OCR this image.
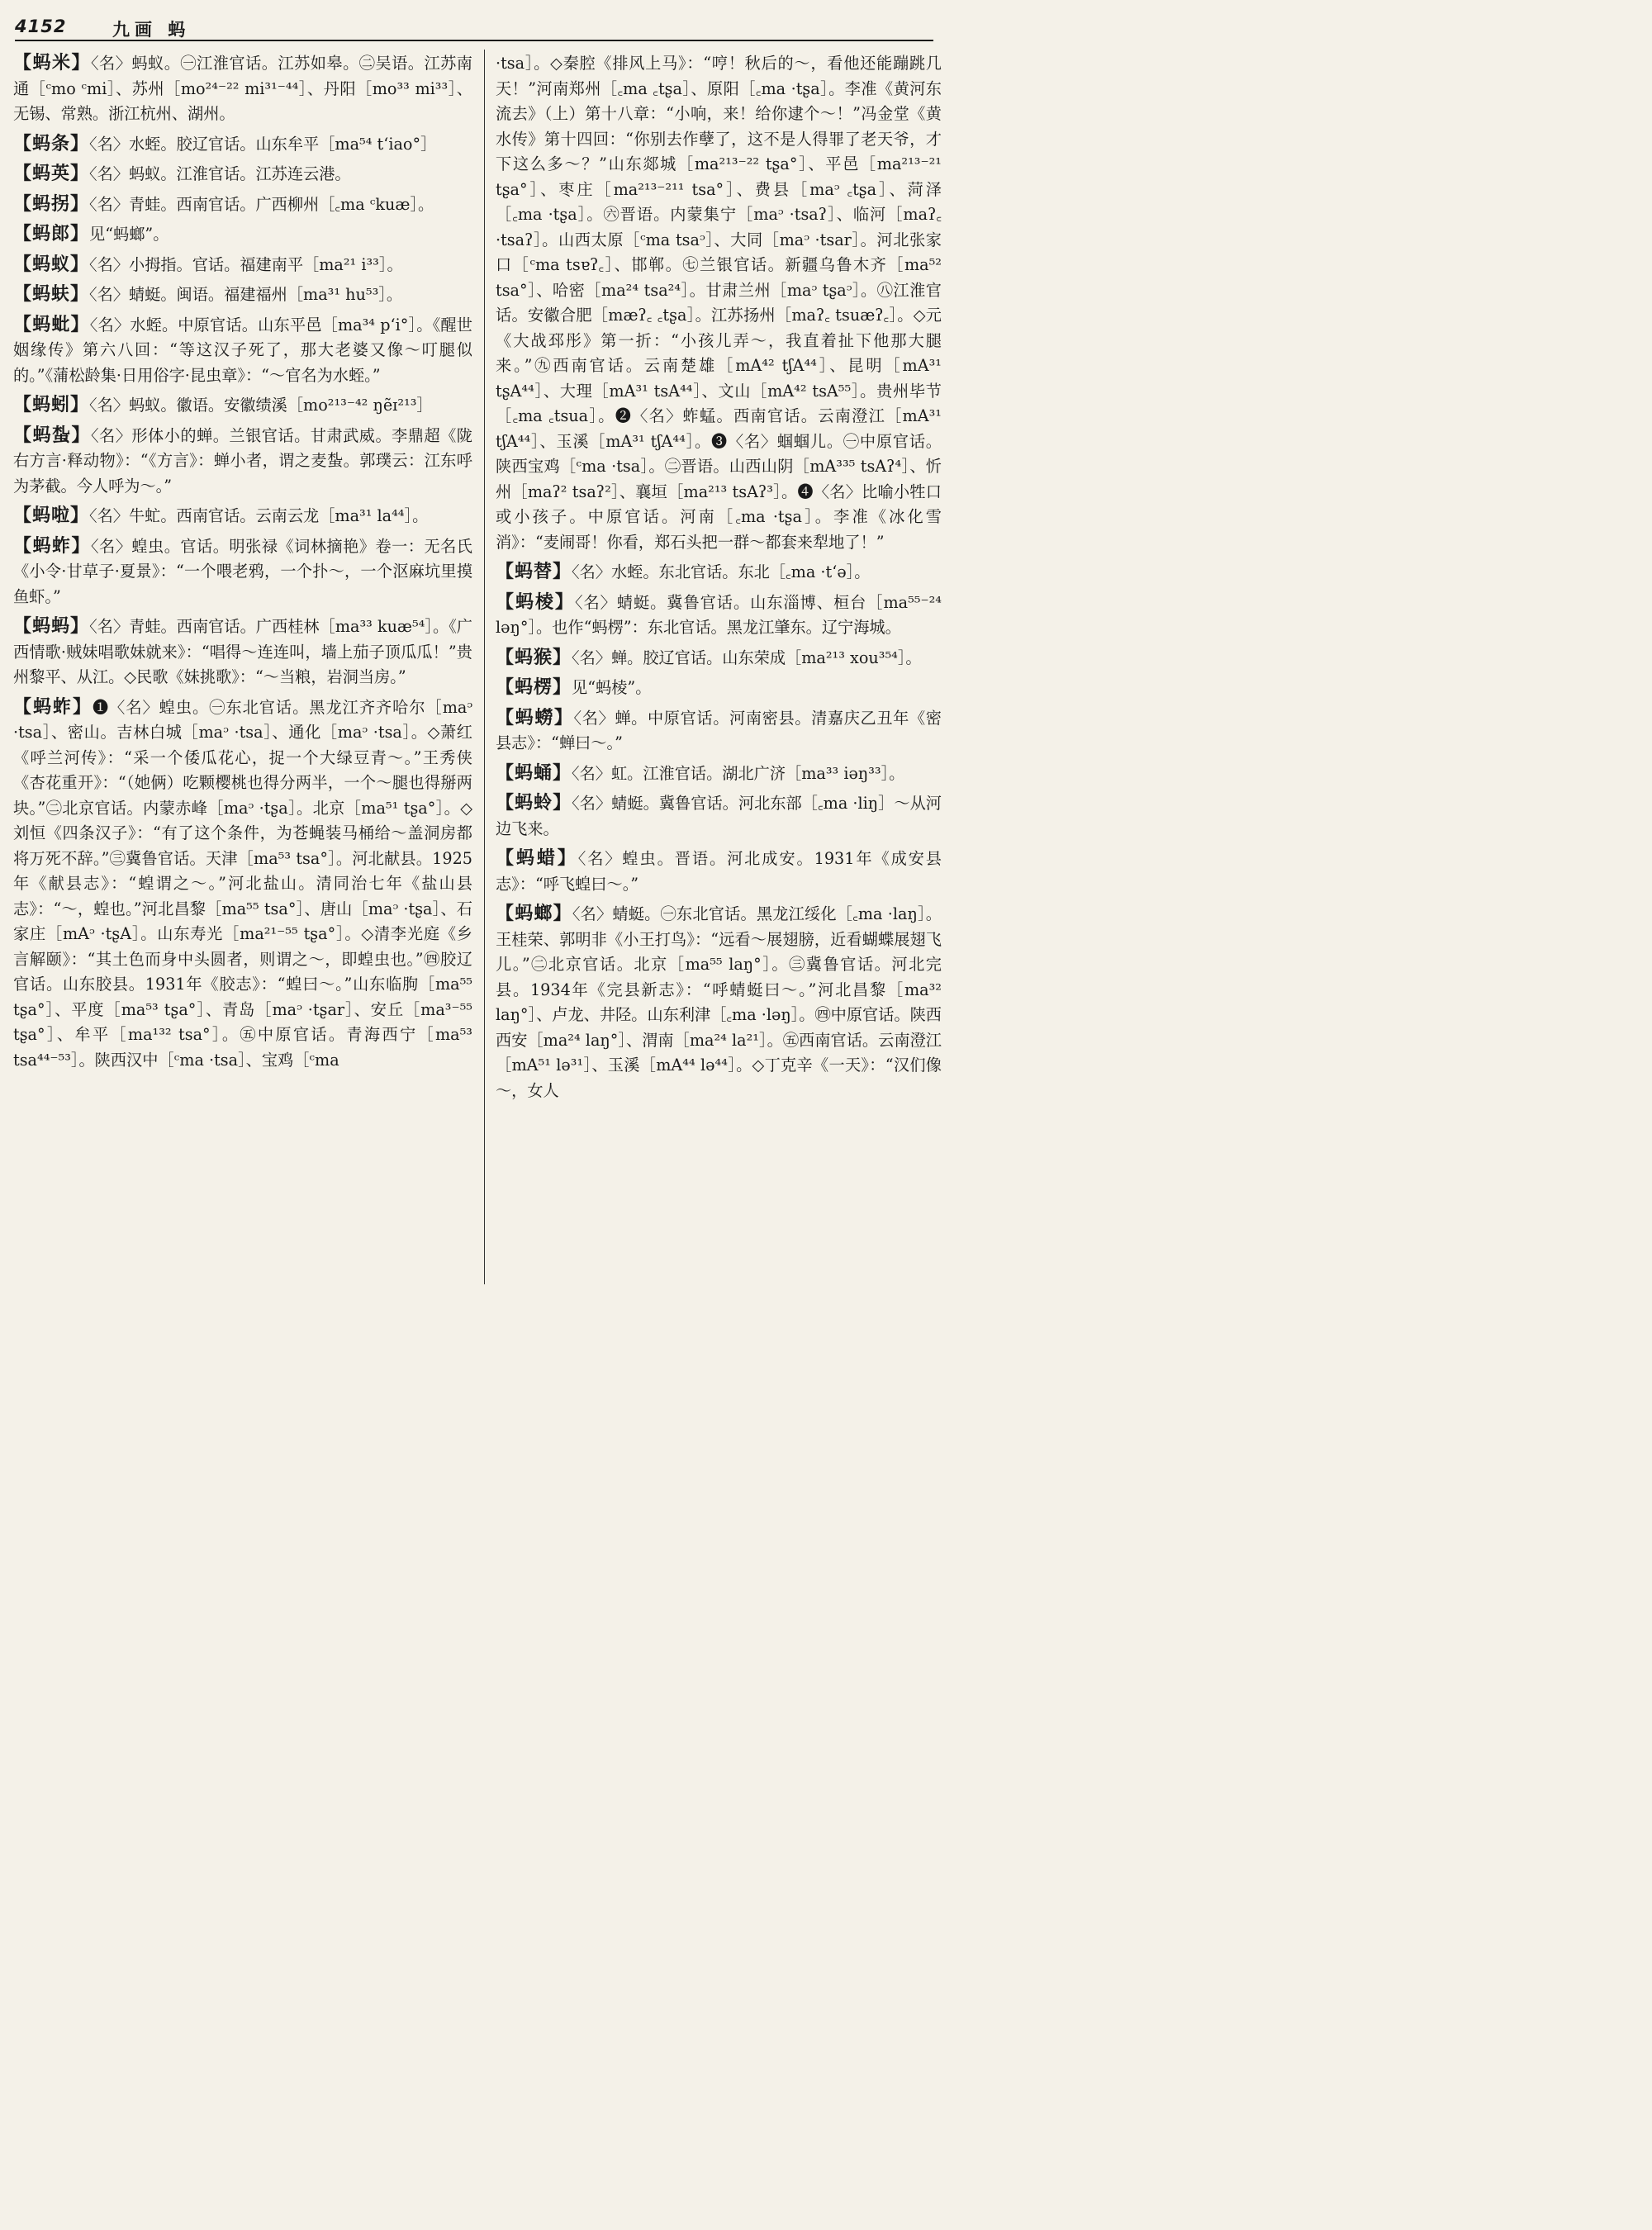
4152	九画 蚂

【蚂米】〈名〉蚂蚁。㊀江淮官话。江苏如皋。㊁吴语。江苏南通［ᶜmo ᶜmi］、苏州［mo²⁴⁻²² mi³¹⁻⁴⁴］、丹阳［mo³³ mi³³］、无锡、常熟。浙江杭州、湖州。

【蚂条】〈名〉水蛭。胶辽官话。山东牟平［ma⁵⁴ tʻiao°］

【蚂英】〈名〉蚂蚁。江淮官话。江苏连云港。

【蚂拐】〈名〉青蛙。西南官话。广西柳州［꜀ma ᶜkuæ］。

【蚂郎】见“蚂螂”。

【蚂蚁】〈名〉小拇指。官话。福建南平［ma²¹ i³³］。

【蚂蚨】〈名〉蜻蜓。闽语。福建福州［ma³¹ hu⁵³］。

【蚂蚍】〈名〉水蛭。中原官话。山东平邑［ma³⁴ pʻi°］。《醒世姻缘传》第六八回：“等这汉子死了，那大老婆又像～叮腿似的。”《蒲松龄集·日用俗字·昆虫章》：“～官名为水蛭。”

【蚂蚓】〈名〉蚂蚁。徽语。安徽绩溪［mo²¹³⁻⁴² ŋẽɪ²¹³］

【蚂蚻】〈名〉形体小的蝉。兰银官话。甘肃武威。李鼎超《陇右方言·释动物》：“《方言》：蝉小者，谓之麦蚻。郭璞云：江东呼为茅截。今人呼为～。”

【蚂啦】〈名〉牛虻。西南官话。云南云龙［ma³¹ la⁴⁴］。

【蚂蚱】〈名〉蝗虫。官话。明张禄《词林摘艳》卷一：无名氏《小令·甘草子·夏景》：“一个喂老鸦，一个扑～，一个沤麻坑里摸鱼虾。”

【蚂蚂】〈名〉青蛙。西南官话。广西桂林［ma³³ kuæ⁵⁴］。《广西情歌·贼妹唱歌妹就来》：“唱得～连连叫，墙上茄子顶瓜瓜！”贵州黎平、从江。◇民歌《妹挑歌》：“～当粮，岩洞当房。”

【蚂蚱】❶〈名〉蝗虫。㊀东北官话。黑龙江齐齐哈尔［maᵓ ·tsa］、密山。吉林白城［maᵓ ·tsa］、通化［maᵓ ·tsa］。◇萧红《呼兰河传》：“采一个倭瓜花心，捉一个大绿豆青～。”王秀侠《杏花重开》：“（她俩）吃颗樱桃也得分两半，一个～腿也得掰两块。”㊁北京官话。内蒙赤峰［maᵓ ·tʂa］。北京［ma⁵¹ tʂa°］。◇刘恒《四条汉子》：“有了这个条件，为苍蝇装马桶给～盖洞房都将万死不辞。”㊂冀鲁官话。天津［ma⁵³ tsa°］。河北献县。1925年《献县志》：“蝗谓之～。”河北盐山。清同治七年《盐山县志》：“～，蝗也。”河北昌黎［ma⁵⁵ tsa°］、唐山［maᵓ ·tʂa］、石家庄［mAᵓ ·tʂA］。山东寿光［ma²¹⁻⁵⁵ tʂa°］。◇清李光庭《乡言解颐》：“其土色而身中头圆者，则谓之～，即蝗虫也。”㊃胶辽官话。山东胶县。1931年《胶志》：“蝗曰～。”山东临朐［ma⁵⁵ tʂa°］、平度［ma⁵³ tʂa°］、青岛［maᵓ ·tʂar］、安丘［ma³⁻⁵⁵ tʂa°］、牟平［ma¹³² tsa°］。㊄中原官话。青海西宁［ma⁵³ tsa⁴⁴⁻⁵³］。陕西汉中［ᶜma ·tsa］、宝鸡［ᶜma

·tsa］。◇秦腔《排风上马》：“哼！秋后的～，看他还能蹦跳几天！”河南郑州［꜀ma ꜀tʂa］、原阳［꜀ma ·tʂa］。李准《黄河东流去》（上）第十八章：“小响，来！给你逮个～！”冯金堂《黄水传》第十四回：“你别去作孽了，这不是人得罪了老天爷，才下这么多～？”山东郯城［ma²¹³⁻²² tʂa°］、平邑［ma²¹³⁻²¹ tʂa°］、枣庄［ma²¹³⁻²¹¹ tsa°］、费县［maᵓ ꜀tʂa］、菏泽［꜀ma ·tʂa］。㊅晋语。内蒙集宁［maᵓ ·tsaʔ］、临河［maʔ꜀ ·tsaʔ］。山西太原［ᶜma tsaᵓ］、大同［maᵓ ·tsar］。河北张家口［ᶜma tsɐʔ꜀］、邯郸。㊆兰银官话。新疆乌鲁木齐［ma⁵² tsa°］、哈密［ma²⁴ tsa²⁴］。甘肃兰州［maᵓ tʂaᵓ］。㊇江淮官话。安徽合肥［mæʔ꜀ ꜀tʂa］。江苏扬州［maʔ꜀ tsuæʔ꜀］。◇元《大战邳彤》第一折：“小孩儿弄～，我直着扯下他那大腿来。”㊈西南官话。云南楚雄［mA⁴² tʃA⁴⁴］、昆明［mA³¹ tʂA⁴⁴］、大理［mA³¹ tsA⁴⁴］、文山［mA⁴² tsA⁵⁵］。贵州毕节［꜀ma ꜀tsua］。❷〈名〉蚱蜢。西南官话。云南澄江［mA³¹ tʃA⁴⁴］、玉溪［mA³¹ tʃA⁴⁴］。❸〈名〉蝈蝈儿。㊀中原官话。陕西宝鸡［ᶜma ·tsa］。㊁晋语。山西山阴［mA³³⁵ tsAʔ⁴］、忻州［maʔ² tsaʔ²］、襄垣［ma²¹³ tsAʔ³］。❹〈名〉比喻小牲口或小孩子。中原官话。河南［꜀ma ·tʂa］。李准《冰化雪消》：“麦闹哥！你看，郑石头把一群～都套来犁地了！”

【蚂替】〈名〉水蛭。东北官话。东北［꜀ma ·tʻə］。

【蚂棱】〈名〉蜻蜓。冀鲁官话。山东淄博、桓台［ma⁵⁵⁻²⁴ ləŋ°］。也作“蚂楞”：东北官话。黑龙江肇东。辽宁海城。

【蚂猴】〈名〉蝉。胶辽官话。山东荣成［ma²¹³ xou³⁵⁴］。

【蚂楞】见“蚂棱”。

【蚂蟧】〈名〉蝉。中原官话。河南密县。清嘉庆乙丑年《密县志》：“蝉曰～。”

【蚂蛹】〈名〉虹。江淮官话。湖北广济［ma³³ iəŋ³³］。

【蚂蛉】〈名〉蜻蜓。冀鲁官话。河北东部［꜀ma ·liŋ］～从河边飞来。

【蚂蜡】〈名〉蝗虫。晋语。河北成安。1931年《成安县志》：“呼飞蝗曰～。”

【蚂螂】〈名〉蜻蜓。㊀东北官话。黑龙江绥化［꜀ma ·laŋ］。王桂荣、郭明非《小王打鸟》：“远看～展翅膀，近看蝴蝶展翅飞儿。”㊁北京官话。北京［ma⁵⁵ laŋ°］。㊂冀鲁官话。河北完县。1934年《完县新志》：“呼蜻蜓曰～。”河北昌黎［ma³² laŋ°］、卢龙、井陉。山东利津［꜀ma ·ləŋ］。㊃中原官话。陕西西安［ma²⁴ laŋ°］、渭南［ma²⁴ la²¹］。㊄西南官话。云南澄江［mA⁵¹ lə³¹］、玉溪［mA⁴⁴ lə⁴⁴］。◇丁克辛《一天》：“汉们像～，女人
